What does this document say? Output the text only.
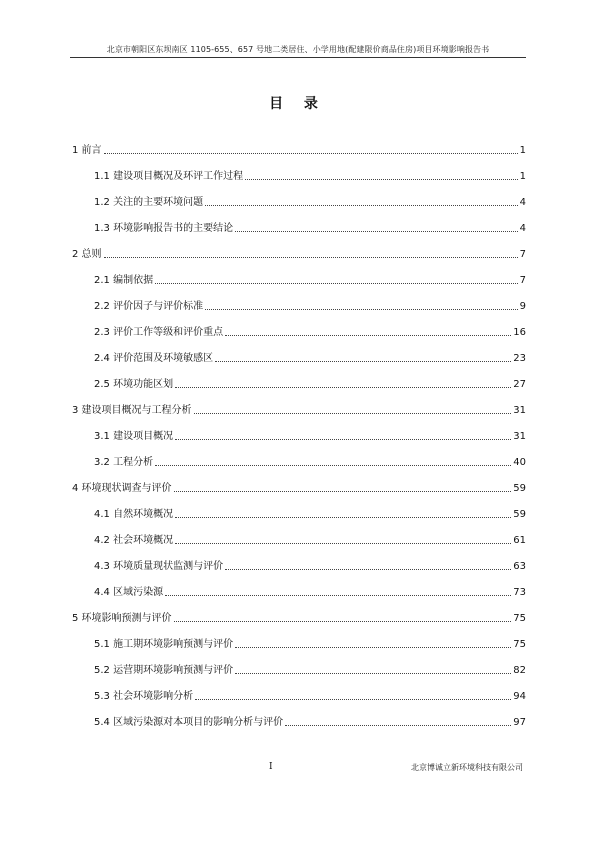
北京市朝阳区东坝南区 1105-655、657 号地二类居住、小学用地(配建限价商品住房)项目环境影响报告书
目 录
1 前言	1
1.1 建设项目概况及环评工作过程	1
1.2 关注的主要环境问题	4
1.3 环境影响报告书的主要结论	4
2 总则	7
2.1 编制依据	7
2.2 评价因子与评价标准	9
2.3 评价工作等级和评价重点	16
2.4 评价范围及环境敏感区	23
2.5 环境功能区划	27
3 建设项目概况与工程分析	31
3.1 建设项目概况	31
3.2 工程分析	40
4 环境现状调查与评价	59
4.1 自然环境概况	59
4.2 社会环境概况	61
4.3 环境质量现状监测与评价	63
4.4 区域污染源	73
5 环境影响预测与评价	75
5.1 施工期环境影响预测与评价	75
5.2 运营期环境影响预测与评价	82
5.3 社会环境影响分析	94
5.4 区域污染源对本项目的影响分析与评价	97
I	北京博诚立新环境科技有限公司
